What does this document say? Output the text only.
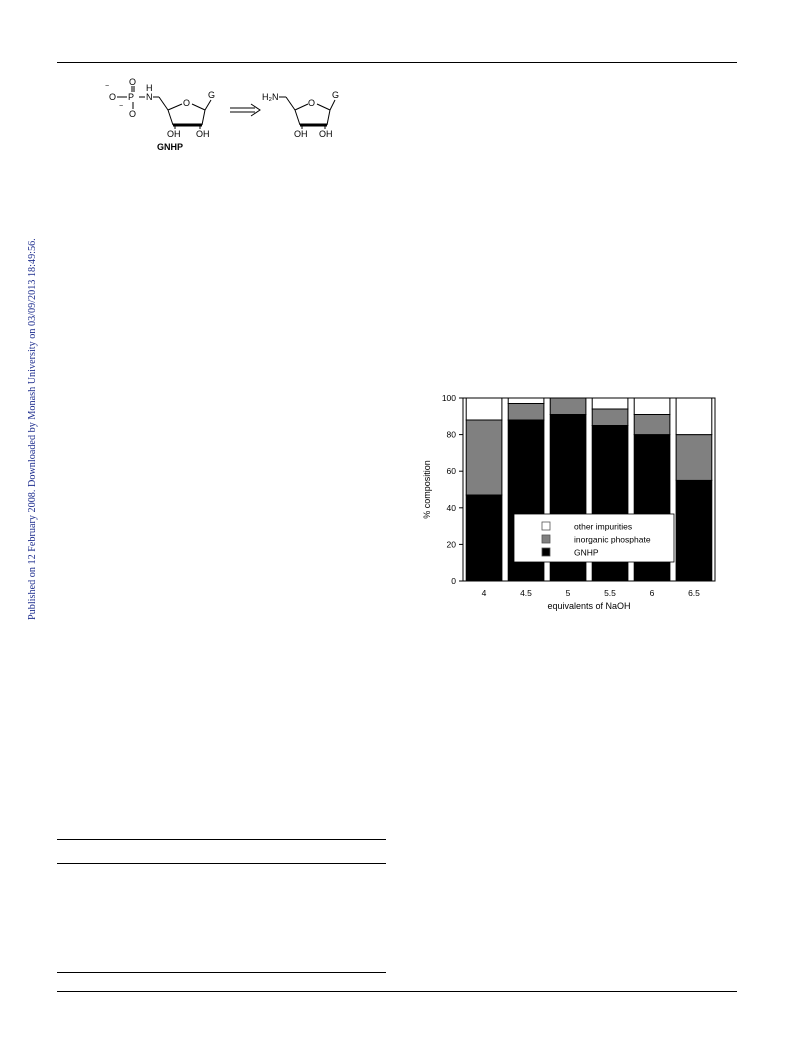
Published on 12 February 2008. Downloaded by Monash University on 03/09/2013 18:49:56.
O
−
O P
−
O
H
N
O
G
OH OH
GNHP
H₂N
O
G
OH OH
0
20
40
60
80
100
4	4.5	5	5.5	6	6.5
equivalents of NaOH
% composition
other impurities
inorganic phosphate
GNHP
